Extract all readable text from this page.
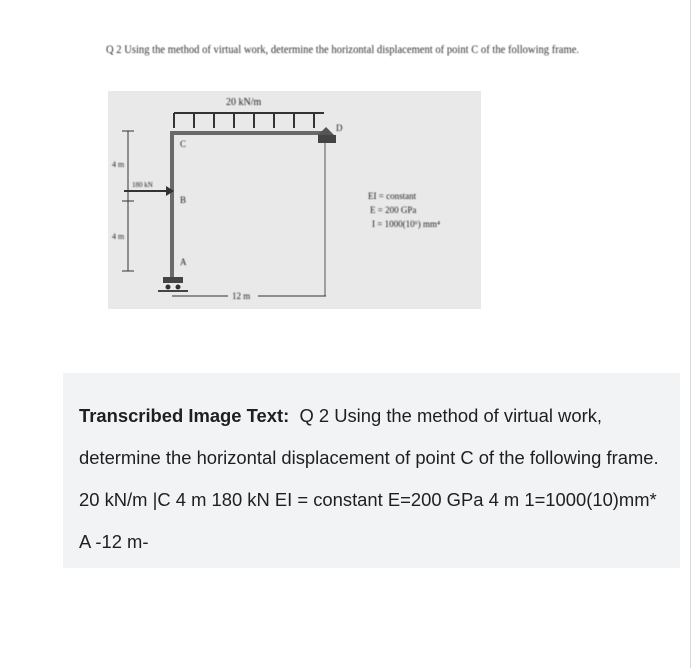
Q 2 Using the method of virtual work, determine the horizontal displacement of point C of the following frame.
20 kN/m
C
B
A
D
4 m
4 m
180 kN
12 m
EI = constant
E = 200 GPa
I = 1000(10⁶) mm⁴

Transcribed Image Text: Q 2 Using the method of virtual work, determine the horizontal displacement of point C of the following frame. 20 kN/m |C 4 m 180 kN EI = constant E=200 GPa 4 m 1=1000(10)mm* A -12 m-
